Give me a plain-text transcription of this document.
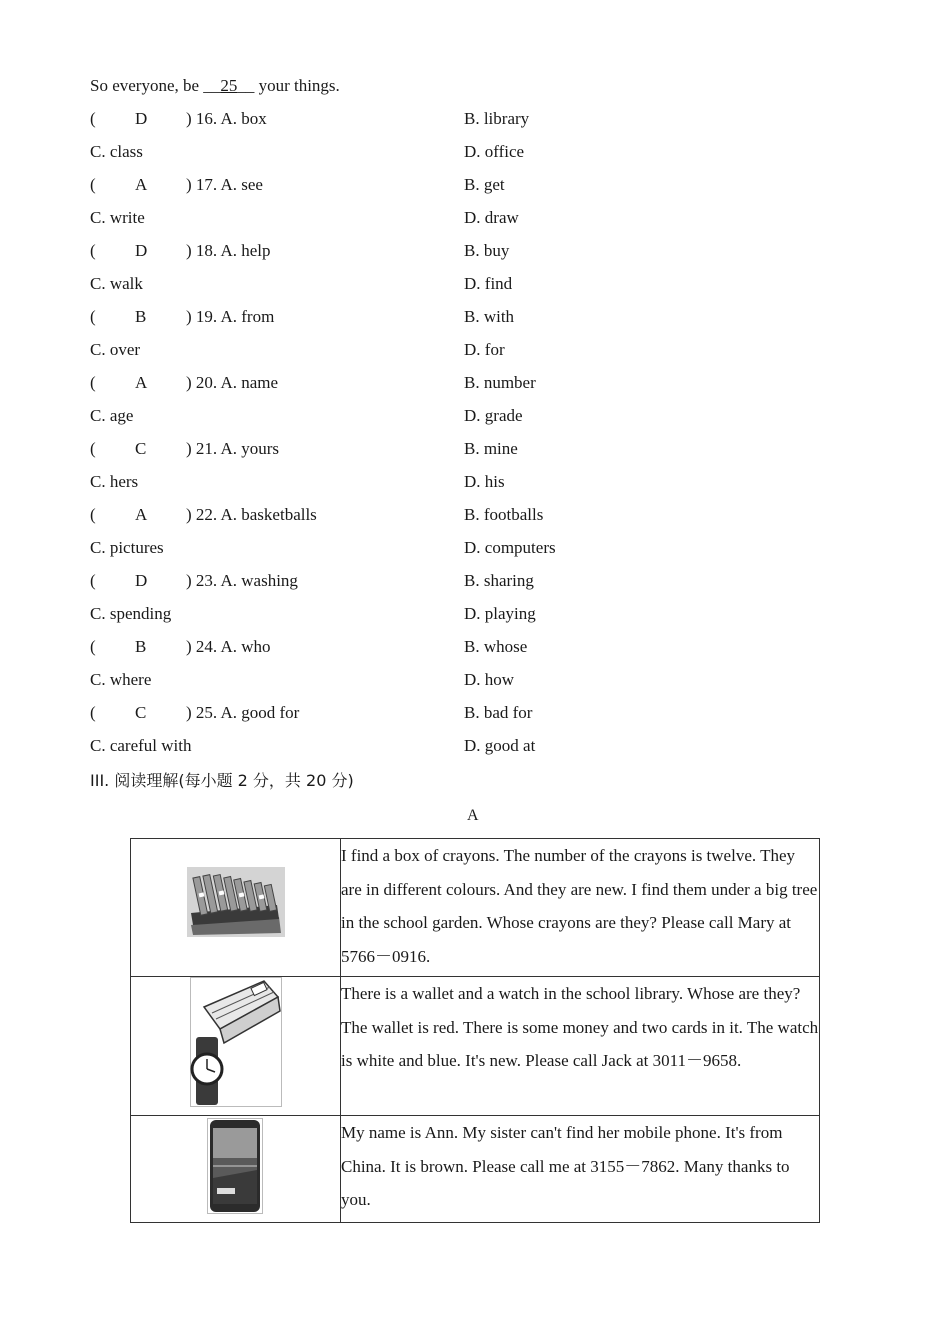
So everyone, be __25__ your things.
( D ) 16. A. box	B. library
C. class	D. office
( A ) 17. A. see	B. get
C. write	D. draw
( D ) 18. A. help	B. buy
C. walk	D. find
( B ) 19. A. from	B. with
C. over	D. for
( A ) 20. A. name	B. number
C. age	D. grade
( C ) 21. A. yours	B. mine
C. hers	D. his
( A ) 22. A. basketballs	B. footballs
C. pictures	D. computers
( D ) 23. A. washing	B. sharing
C. spending	D. playing
( B ) 24. A. who	B. whose
C. where	D. how
( C ) 25. A. good for	B. bad for
C. careful with	D. good at
III. 阅读理解(每小题 2 分，共 20 分)
A
	I find a box of crayons. The number of the crayons is twelve. They are in different colours. And they are new. I find them under a big tree in the school garden. Whose crayons are they? Please call Mary at 5766－0916.

	There is a wallet and a watch in the school library. Whose are they? The wallet is red. There is some money and two cards in it. The watch is white and blue. It's new. Please call Jack at 3011－9658.

	My name is Ann. My sister can't find her mobile phone. It's from China. It is brown. Please call me at 3155－7862. Many thanks to you.
